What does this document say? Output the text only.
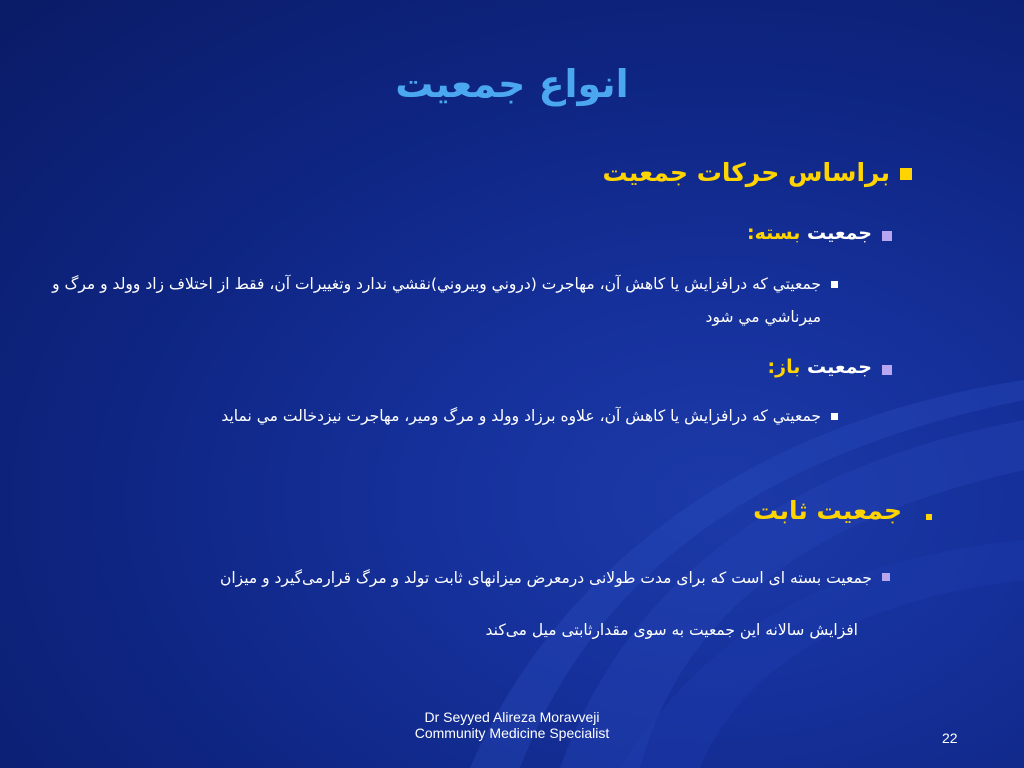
انواع جمعيت
براساس حركات جمعيت
جمعيت بسته:
جمعيتي كه درافزايش يا كاهش آن، مهاجرت (دروني وبيروني)نقشي ندارد وتغييرات آن، فقط از اختلاف زاد وولد و مرگ و ميرناشي مي شود
جمعيت باز:
جمعيتي كه درافزايش يا كاهش آن، علاوه برزاد وولد و مرگ ومير، مهاجرت نيزدخالت مي نمايد
جمعیت ثابت
جمعیت بسته ای است که برای مدت طولانی درمعرض میزانهای ثابت تولد و مرگ قرارمی‌گیرد و میزان
افزایش سالانه این جمعیت به سوی مقدارثابتی میل می‌کند
Dr Seyyed Alireza Moravveji
Community Medicine Specialist	22
